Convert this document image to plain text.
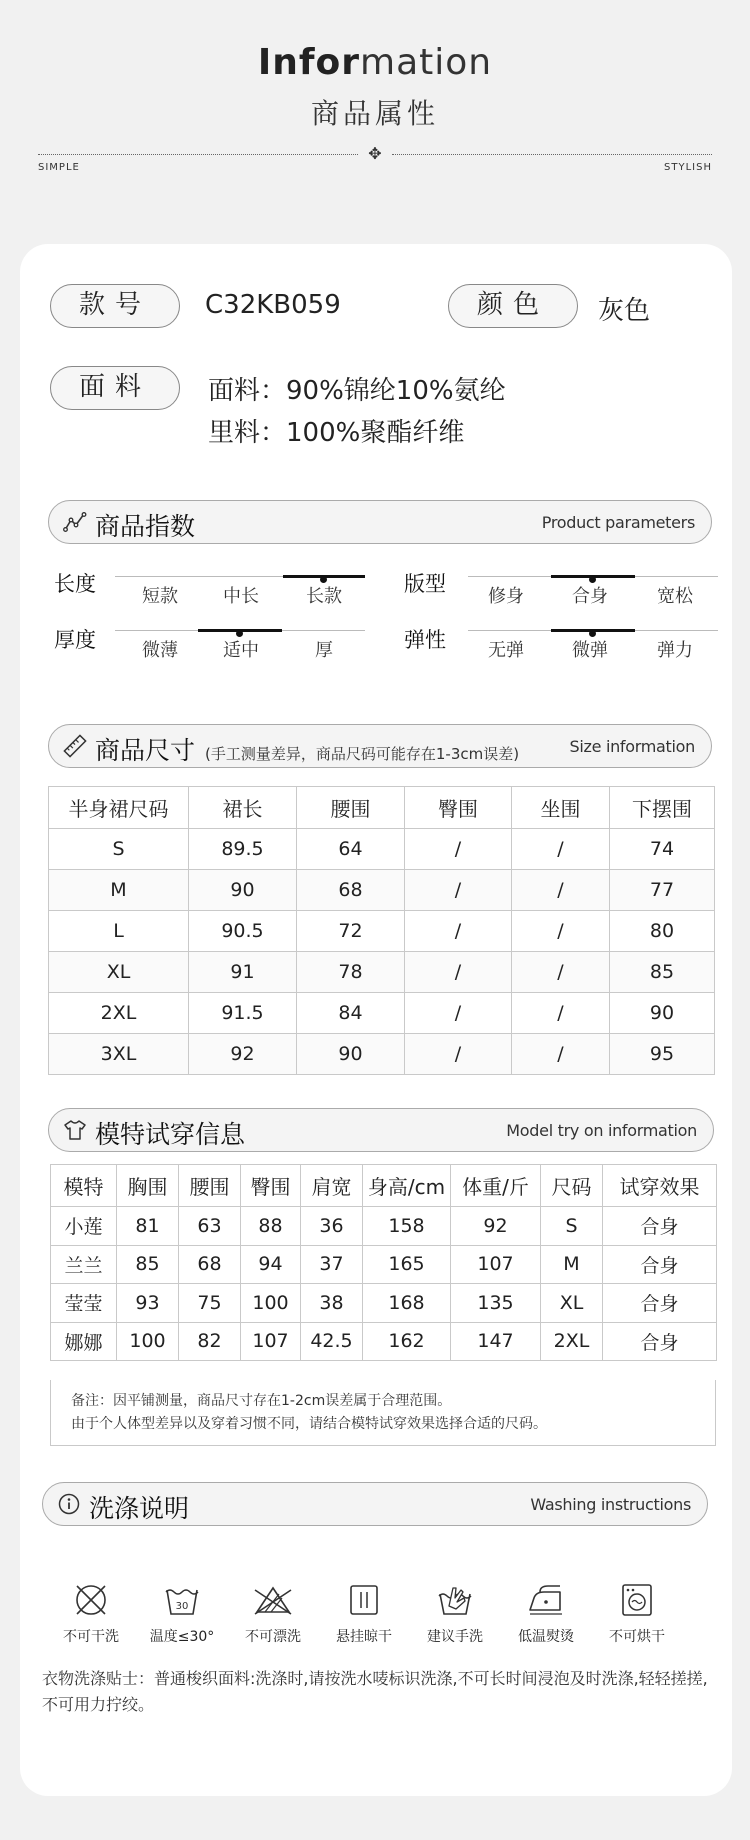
Information
商品属性
✥
SIMPLE	STYLISH
款号	C32KB059	颜色	灰色
面料	面料：90%锦纶10%氨纶
里料：100%聚酯纤维
商品指数	Product parameters
长度
短款	中长	长款
版型
修身	合身	宽松
厚度	微薄	适中	厚	弹性	无弹	微弹	弹力
商品尺寸 (手工测量差异，商品尺码可能存在1-3cm误差)	Size information
半身裙尺码	裙长	腰围	臀围	坐围	下摆围
S	89.5	64	/	/	74
M	90	68	/	/	77
L	90.5	72	/	/	80
XL	91	78	/	/	85
2XL	91.5	84	/	/	90
3XL	92	90	/	/	95
模特试穿信息	Model try on information
模特	胸围	腰围	臀围	肩宽	身高/cm	体重/斤	尺码	试穿效果
小莲	81	63	88	36	158	92	S	合身
兰兰	85	68	94	37	165	107	M	合身
莹莹	93	75	100	38	168	135	XL	合身
娜娜	100	82	107	42.5	162	147	2XL	合身
备注：因平铺测量，商品尺寸存在1-2cm误差属于合理范围。
由于个人体型差异以及穿着习惯不同，请结合模特试穿效果选择合适的尺码。
洗涤说明	Washing instructions
不可干洗
30
温度≤30°	不可漂洗	悬挂晾干	建议手洗	低温熨烫	不可烘干
衣物洗涤贴士：普通梭织面料:洗涤时,请按洗水唛标识洗涤,不可长时间浸泡及时洗涤,轻轻搓搓,不可用力拧绞。
